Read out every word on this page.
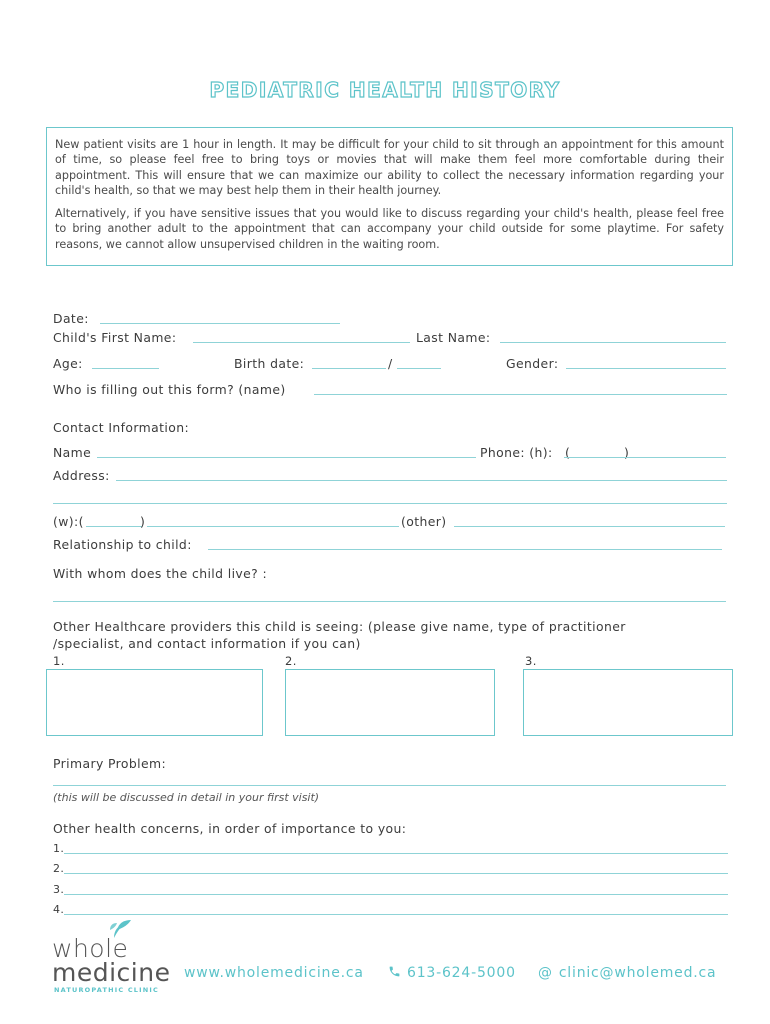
PEDIATRIC HEALTH HISTORY

New patient visits are 1 hour in length. It may be difficult for your child to sit through an appointment for this amount of time, so please feel free to bring toys or movies that will make them feel more comfortable during their appointment. This will ensure that we can maximize our ability to collect the necessary information regarding your child's health, so that we may best help them in their health journey.

Alternatively, if you have sensitive issues that you would like to discuss regarding your child's health, please feel free to bring another adult to the appointment that can accompany your child outside for some playtime. For safety reasons, we cannot allow unsupervised children in the waiting room.

Date:
Child's First Name:	Last Name:
Age:	Birth date:	/	Gender:
Who is filling out this form? (name)
Contact Information:
Name	Phone: (h): (	)
Address:
(w):(	)	(other)
Relationship to child:
With whom does the child live? :
Other Healthcare providers this child is seeing: (please give name, type of practitioner
/specialist, and contact information if you can)
1.	2.	3.
Primary Problem:
(this will be discussed in detail in your first visit)
Other health concerns, in order of importance to you:
1.
2.
3.
4.
whole
medicine
NATUROPATHIC CLINIC
www.wholemedicine.ca	613-624-5000 @ clinic@wholemed.ca
